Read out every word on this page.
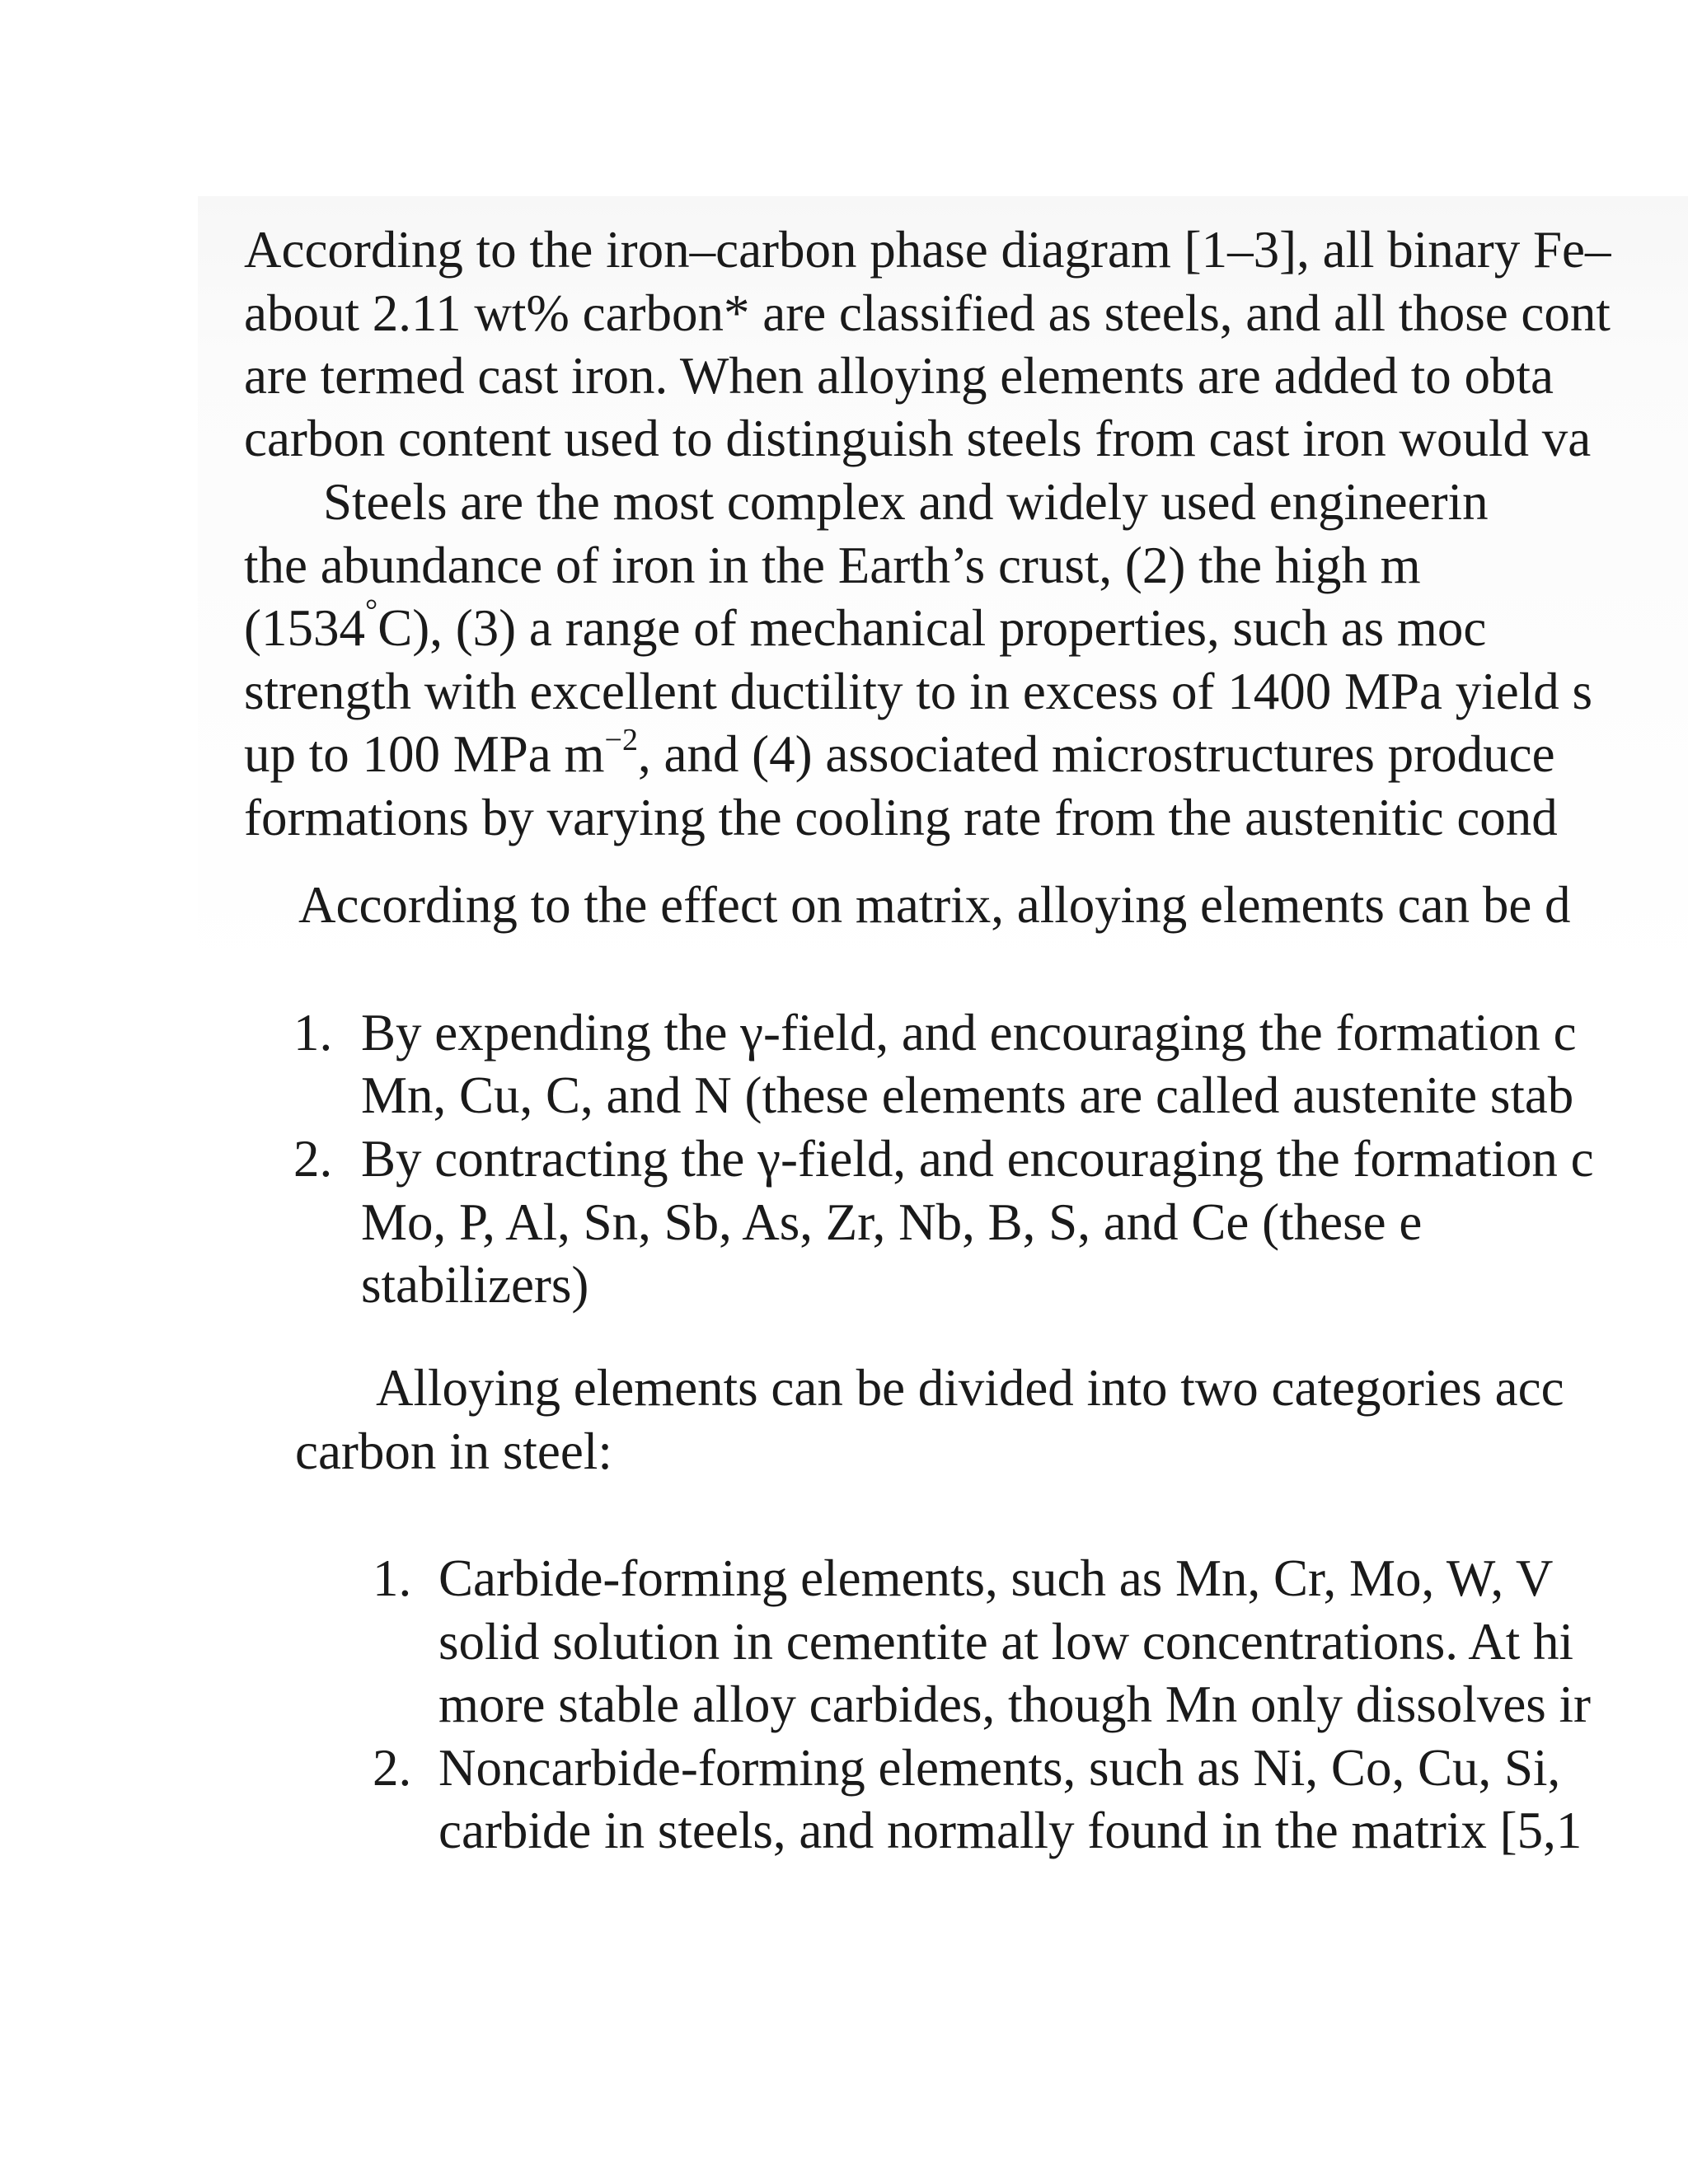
According to the iron–carbon phase diagram [1–3], all binary Fe–

about 2.11 wt% carbon* are classified as steels, and all those cont

are termed cast iron. When alloying elements are added to obta

carbon content used to distinguish steels from cast iron would va

Steels are the most complex and widely used engineerin

the abundance of iron in the Earth’s crust, (2) the high m

(1534°C), (3) a range of mechanical properties, such as moc

strength with excellent ductility to in excess of 1400 MPa yield s

up to 100 MPa $m^{-2}$, and (4) associated microstructures produce

formations by varying the cooling rate from the austenitic cond

According to the effect on matrix, alloying elements can be d

1. By expending the γ-field, and encouraging the formation c

Mn, Cu, C, and N (these elements are called austenite stab

2. By contracting the γ-field, and encouraging the formation c

Mo, P, Al, Sn, Sb, As, Zr, Nb, B, S, and Ce (these e

stabilizers)

Alloying elements can be divided into two categories acc

carbon in steel:

1. Carbide-forming elements, such as Mn, Cr, Mo, W, V

solid solution in cementite at low concentrations. At hi

more stable alloy carbides, though Mn only dissolves ir

2. Noncarbide-forming elements, such as Ni, Co, Cu, Si,

carbide in steels, and normally found in the matrix [5,1
